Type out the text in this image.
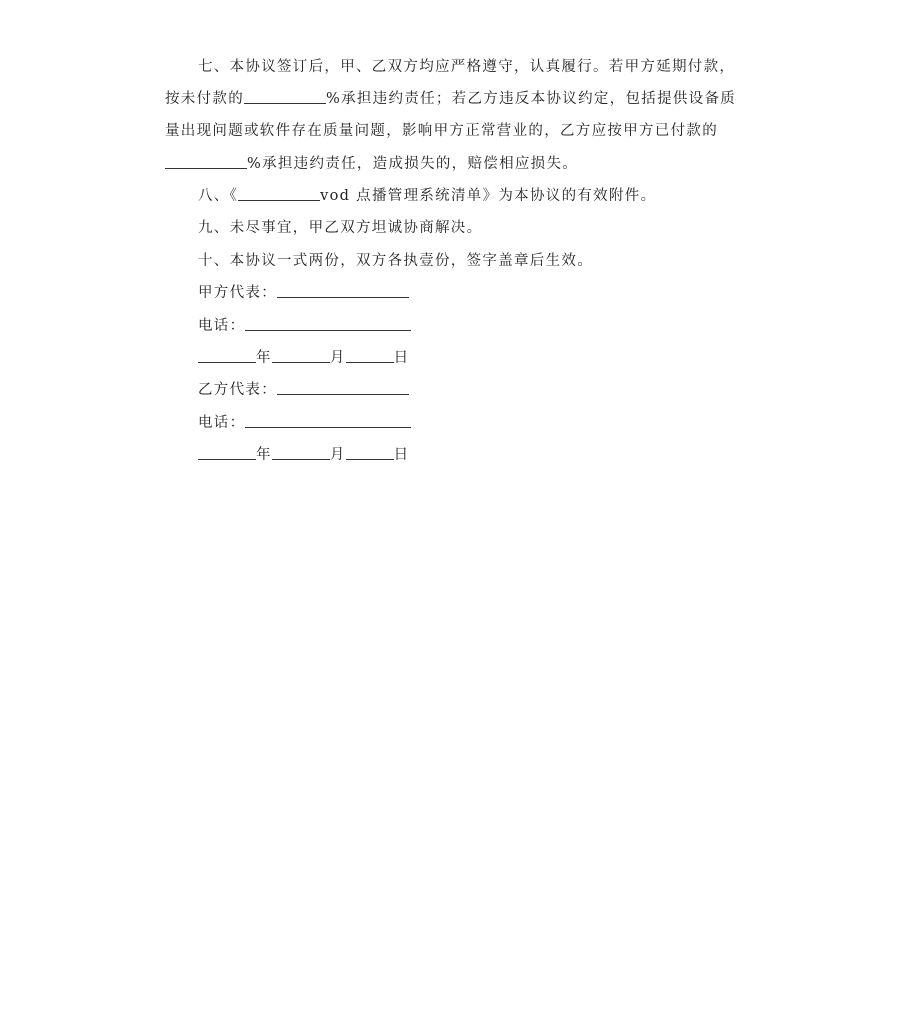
七、本协议签订后，甲、乙双方均应严格遵守，认真履行。若甲方延期付款，
按未付款的	%承担违约责任；若乙方违反本协议约定，包括提供设备质
量出现问题或软件存在质量问题，影响甲方正常营业的，乙方应按甲方已付款的
%承担违约责任，造成损失的，赔偿相应损失。
八、《	vod 点播管理系统清单》为本协议的有效附件。
九、未尽事宜，甲乙双方坦诚协商解决。
十、本协议一式两份，双方各执壹份，签字盖章后生效。
甲方代表：
电话：
年	月	日
乙方代表：
电话：
年	月	日
